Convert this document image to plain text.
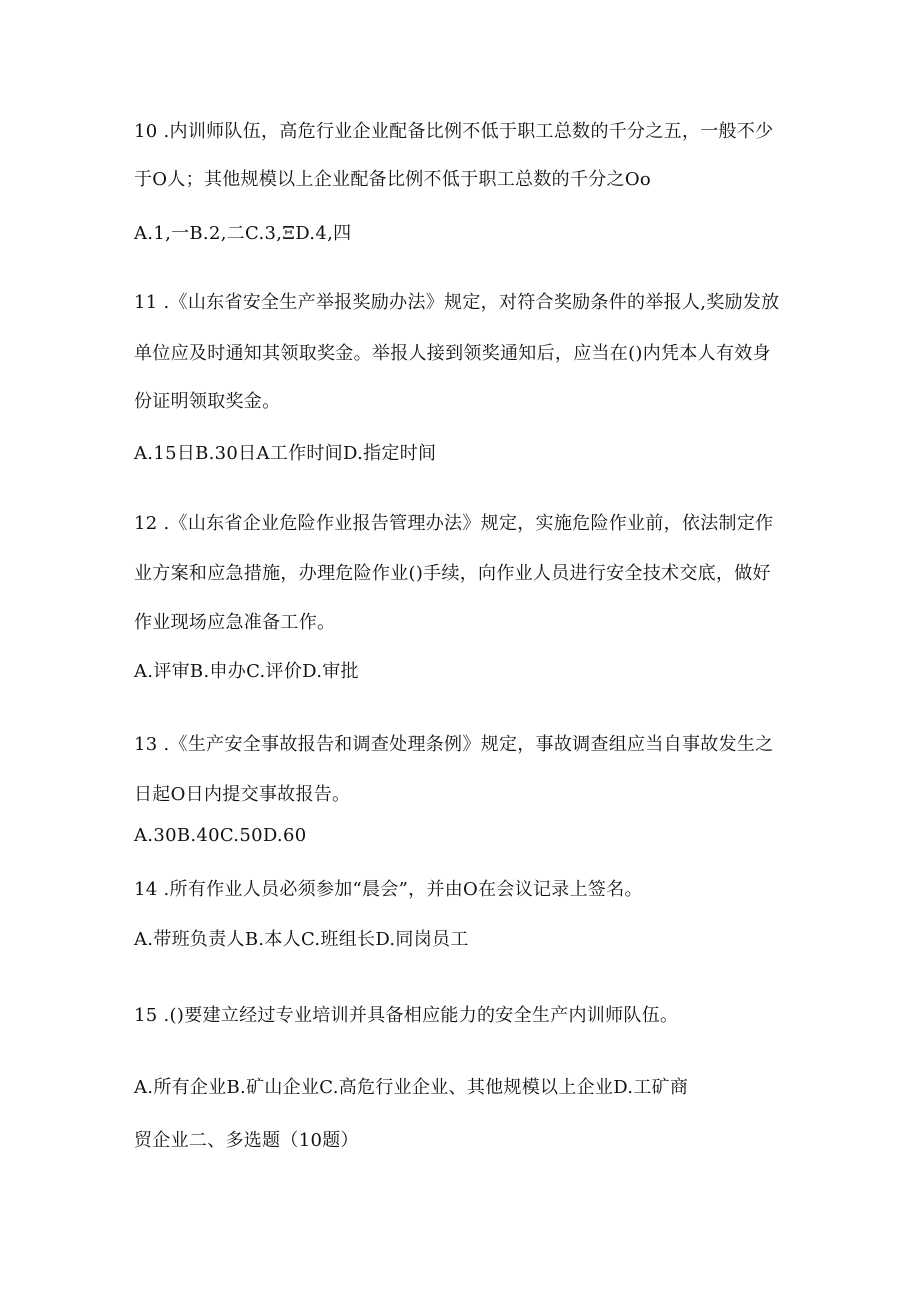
10 .内训师队伍，高危行业企业配备比例不低于职工总数的千分之五，一般不少
于O人；其他规模以上企业配备比例不低于职工总数的千分之Oo
A.1,一B.2,二C.3,ΞD.4,四
11 .《山东省安全生产举报奖励办法》规定，对符合奖励条件的举报人,奖励发放
单位应及时通知其领取奖金。举报人接到领奖通知后，应当在()内凭本人有效身
份证明领取奖金。
A.15日B.30日A工作时间D.指定时间
12 .《山东省企业危险作业报告管理办法》规定，实施危险作业前，依法制定作
业方案和应急措施，办理危险作业()手续，向作业人员进行安全技术交底，做好
作业现场应急准备工作。
A.评审B.申办C.评价D.审批
13 .《生产安全事故报告和调查处理条例》规定，事故调查组应当自事故发生之
日起O日内提交事故报告。
A.30B.40C.50D.60
14 .所有作业人员必须参加“晨会”，并由O在会议记录上签名。
A.带班负责人B.本人C.班组长D.同岗员工
15 .()要建立经过专业培训并具备相应能力的安全生产内训师队伍。
A.所有企业B.矿山企业C.高危行业企业、其他规模以上企业D.工矿商
贸企业二、多选题（10题）
